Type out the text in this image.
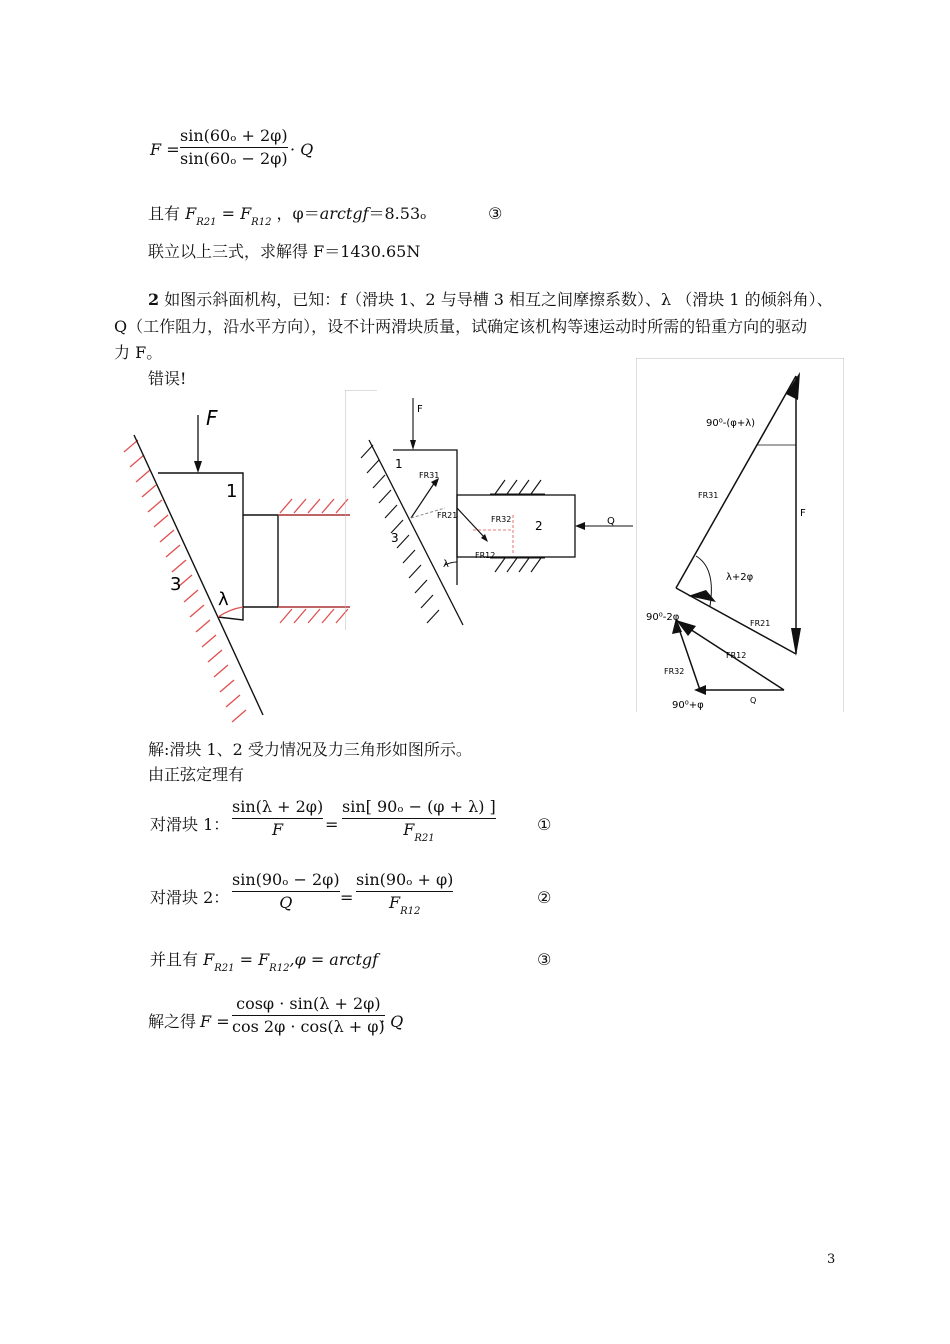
F =
sin(60ₒ + 2φ)
sin(60ₒ − 2φ) · Q
且有 $F_{R21} = F_{R12}$ ，φ＝arctgf＝8.53ₒ	③
联立以上三式，求解得 F＝1430.65N
2 如图示斜面机构，已知：f（滑块 1、2 与导槽 3 相互之间摩擦系数）、λ （滑块 1 的倾斜角）、
Q（工作阻力，沿水平方向），设不计两滑块质量，试确定该机构等速运动时所需的铅重方向的驱动
力 F。
错误!
F
1
3
λ
F
1
2
3
FR31
FR21	FR32
FR12
Q
λ
90⁰-(φ+λ)
FR31
F
λ+2φ
90⁰-2φ
FR21
FR12
FR32
Q
90⁰+φ
解:滑块 1、2 受力情况及力三角形如图所示。
由正弦定理有
对滑块 1：
sin(λ + 2φ)
F	=
sin[ 90ₒ − (φ + λ) ]
$F_{R21}$
①
对滑块 2：
sin(90ₒ − 2φ)
Q	=
sin(90ₒ + φ)
$F_{R12}$
②
并且有 $F_{R21} = F_{R12},\varphi$ = arctgf	③
解之得 F =
cosφ · sin(λ + 2φ)
cos 2φ · cos(λ + φ)
· Q
3
